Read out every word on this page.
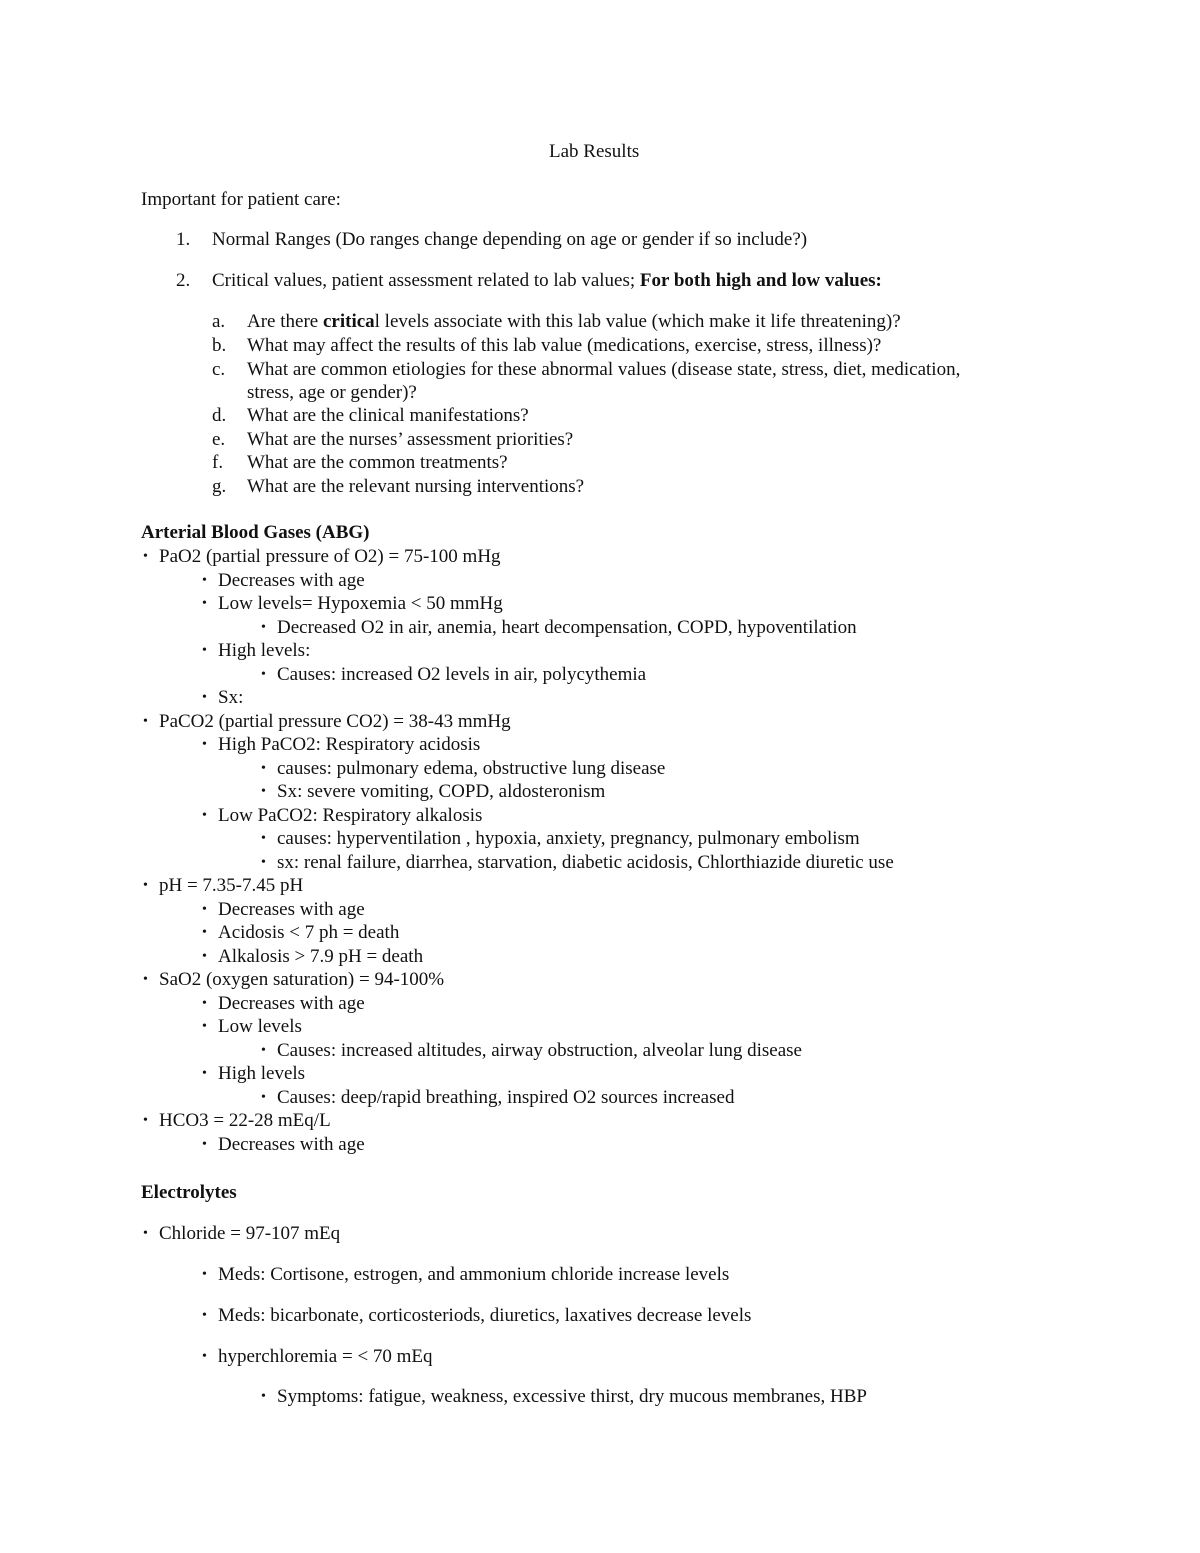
Lab Results
Important for patient care:
1. Normal Ranges (Do ranges change depending on age or gender if so include?)
2. Critical values, patient assessment related to lab values; For both high and low values:
a. Are there critical levels associate with this lab value (which make it life threatening)?
b. What may affect the results of this lab value (medications, exercise, stress, illness)?
c. What are common etiologies for these abnormal values (disease state, stress, diet, medication,
stress, age or gender)?
d. What are the clinical manifestations?
e. What are the nurses’ assessment priorities?
f. What are the common treatments?
g. What are the relevant nursing interventions?
Arterial Blood Gases (ABG)
• PaO2 (partial pressure of O2) = 75-100 mHg
• Decreases with age
• Low levels= Hypoxemia < 50 mmHg
• Decreased O2 in air, anemia, heart decompensation, COPD, hypoventilation
• High levels:
• Causes: increased O2 levels in air, polycythemia
• Sx:
• PaCO2 (partial pressure CO2) = 38-43 mmHg
• High PaCO2: Respiratory acidosis
• causes: pulmonary edema, obstructive lung disease
• Sx: severe vomiting, COPD, aldosteronism
• Low PaCO2: Respiratory alkalosis
• causes: hyperventilation , hypoxia, anxiety, pregnancy, pulmonary embolism
• sx: renal failure, diarrhea, starvation, diabetic acidosis, Chlorthiazide diuretic use
• pH = 7.35-7.45 pH
• Decreases with age
• Acidosis < 7 ph = death
• Alkalosis > 7.9 pH = death
• SaO2 (oxygen saturation) = 94-100%
• Decreases with age
• Low levels
• Causes: increased altitudes, airway obstruction, alveolar lung disease
• High levels
• Causes: deep/rapid breathing, inspired O2 sources increased
• HCO3 = 22-28 mEq/L
• Decreases with age
Electrolytes
• Chloride = 97-107 mEq
• Meds: Cortisone, estrogen, and ammonium chloride increase levels
• Meds: bicarbonate, corticosteriods, diuretics, laxatives decrease levels
• hyperchloremia = < 70 mEq
• Symptoms: fatigue, weakness, excessive thirst, dry mucous membranes, HBP
